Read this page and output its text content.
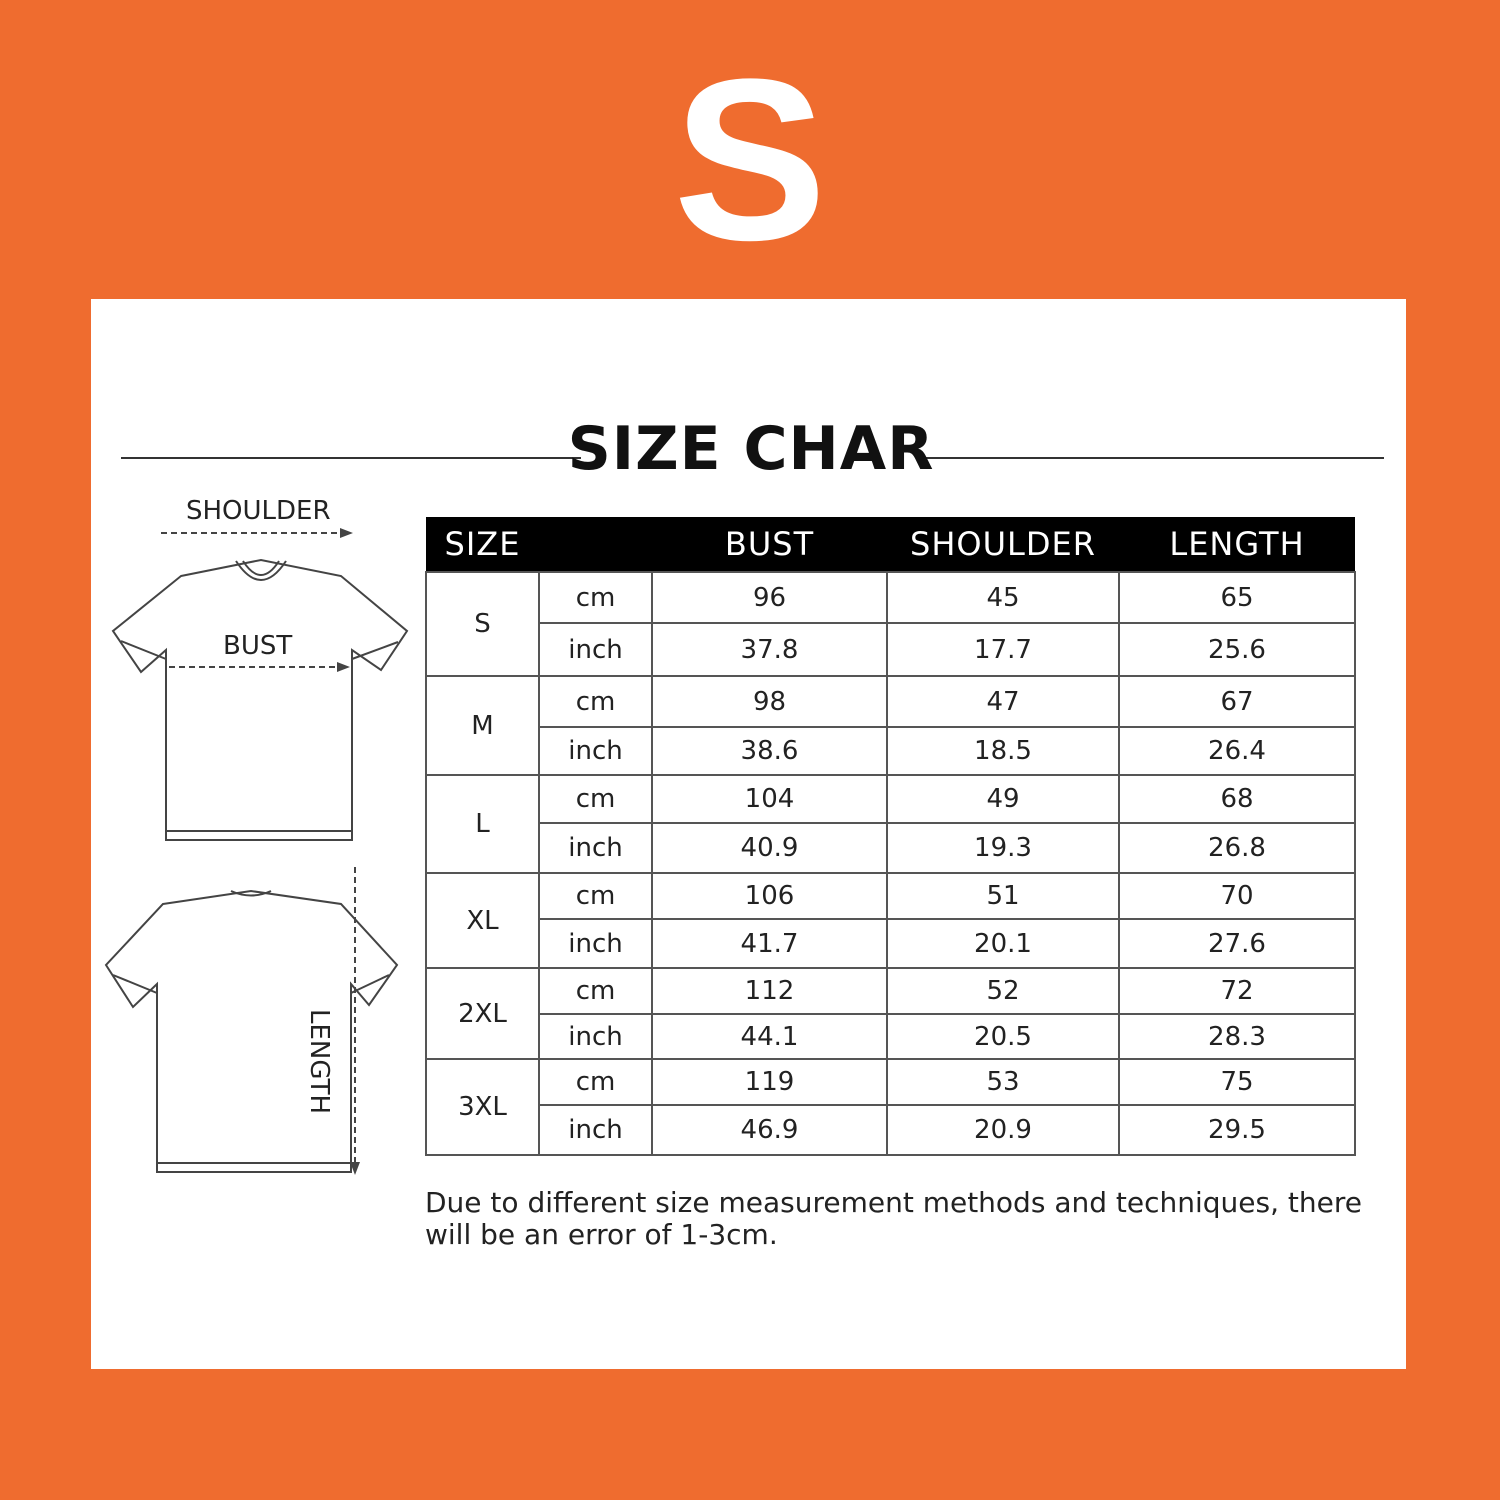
S
SIZE CHAR
SHOULDER
BUST
LENGTH
SIZE		BUST	SHOULDER	LENGTH
S	cm	96	45	65
	inch	37.8	17.7	25.6
M	cm	98	47	67
	inch	38.6	18.5	26.4
L	cm	104	49	68
	inch	40.9	19.3	26.8
XL	cm	106	51	70
	inch	41.7	20.1	27.6
2XL	cm	112	52	72
	inch	44.1	20.5	28.3
3XL	cm	119	53	75
	inch	46.9	20.9	29.5
Due to different size measurement methods and techniques, there will be an error of 1-3cm.
